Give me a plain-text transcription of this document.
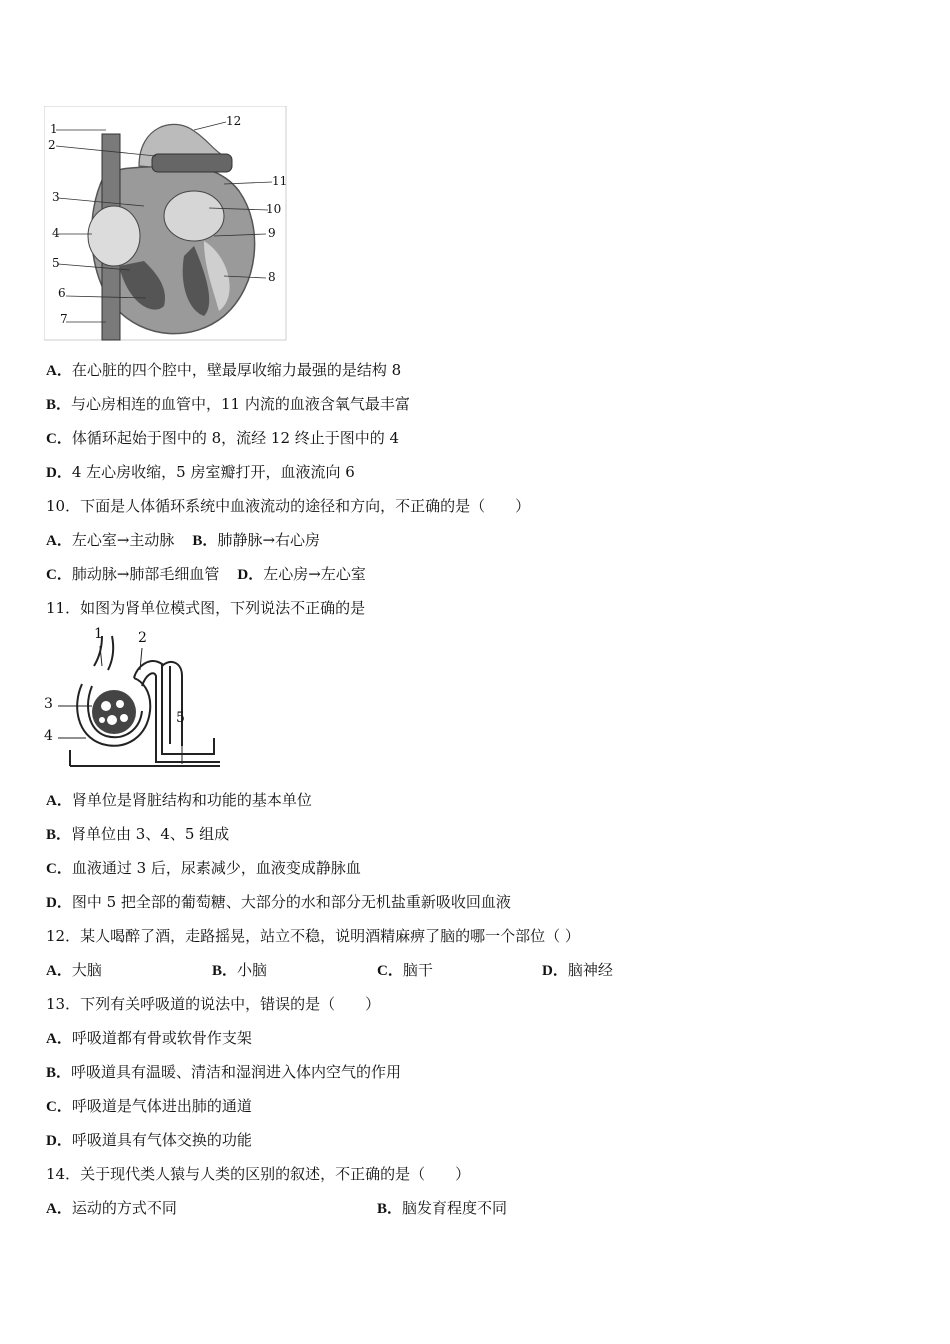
1
2
3
4
5
6
7
8
9
10
11
12
A．在心脏的四个腔中，壁最厚收缩力最强的是结构 8
B．与心房相连的血管中，11 内流的血液含氧气最丰富
C．体循环起始于图中的 8，流经 12 终止于图中的 4
D．4 左心房收缩，5 房室瓣打开，血液流向 6
10．下面是人体循环系统中血液流动的途径和方向，不正确的是（　　）
A．左心室→主动脉 B．肺静脉→右心房
C．肺动脉→肺部毛细血管 D．左心房→左心室
11．如图为肾单位模式图，下列说法不正确的是
1	2
3
4
5
A．肾单位是肾脏结构和功能的基本单位
B．肾单位由 3、4、5 组成
C．血液通过 3 后，尿素减少，血液变成静脉血
D．图中 5 把全部的葡萄糖、大部分的水和部分无机盐重新吸收回血液
12．某人喝醉了酒，走路摇晃，站立不稳，说明酒精麻痹了脑的哪一个部位（ ）
A．大脑	B．小脑	C．脑干	D．脑神经
13．下列有关呼吸道的说法中，错误的是（　　）
A．呼吸道都有骨或软骨作支架
B．呼吸道具有温暖、清洁和湿润进入体内空气的作用
C．呼吸道是气体进出肺的通道
D．呼吸道具有气体交换的功能
14．关于现代类人猿与人类的区别的叙述，不正确的是（　　）
A．运动的方式不同	B．脑发育程度不同
